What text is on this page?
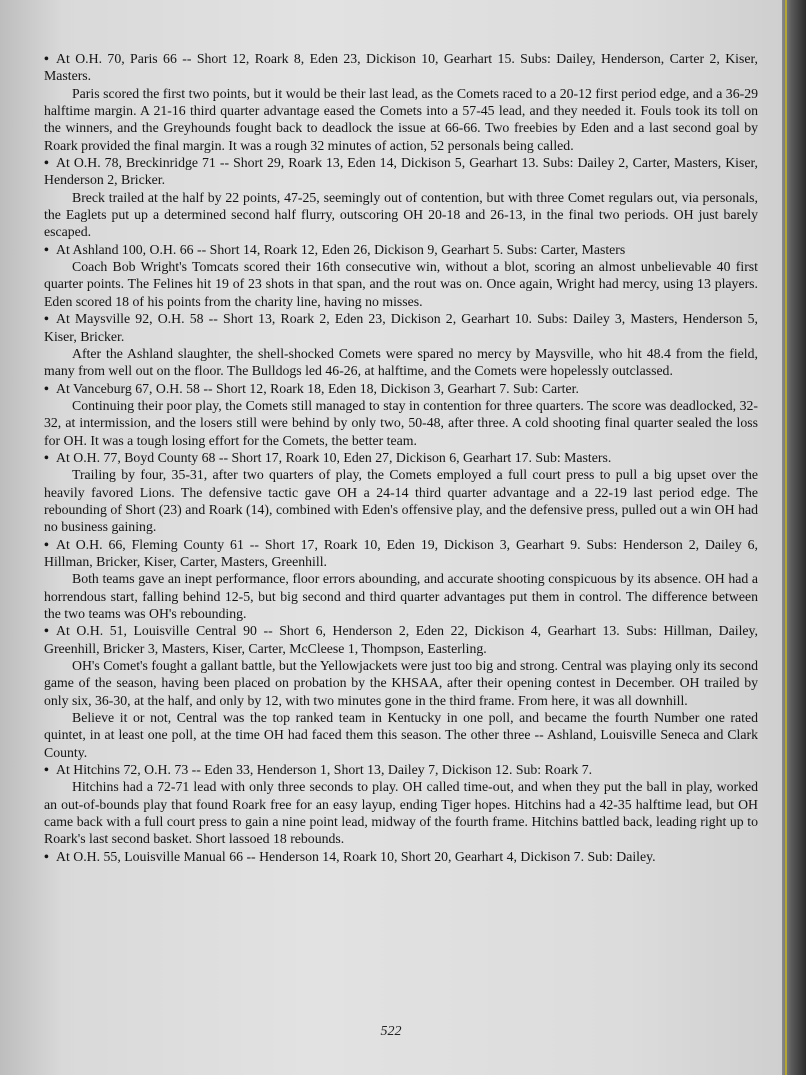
• At O.H. 70, Paris 66 -- Short 12, Roark 8, Eden 23, Dickison 10, Gearhart 15. Subs: Dailey, Henderson, Carter 2, Kiser, Masters.

Paris scored the first two points, but it would be their last lead, as the Comets raced to a 20-12 first period edge, and a 36-29 halftime margin. A 21-16 third quarter advantage eased the Comets into a 57-45 lead, and they needed it. Fouls took its toll on the winners, and the Greyhounds fought back to deadlock the issue at 66-66. Two freebies by Eden and a last second goal by Roark provided the final margin. It was a rough 32 minutes of action, 52 personals being called.

• At O.H. 78, Breckinridge 71 -- Short 29, Roark 13, Eden 14, Dickison 5, Gearhart 13. Subs: Dailey 2, Carter, Masters, Kiser, Henderson 2, Bricker.

Breck trailed at the half by 22 points, 47-25, seemingly out of contention, but with three Comet regulars out, via personals, the Eaglets put up a determined second half flurry, outscoring OH 20-18 and 26-13, in the final two periods. OH just barely escaped.

• At Ashland 100, O.H. 66 -- Short 14, Roark 12, Eden 26, Dickison 9, Gearhart 5. Subs: Carter, Masters

Coach Bob Wright's Tomcats scored their 16th consecutive win, without a blot, scoring an almost unbelievable 40 first quarter points. The Felines hit 19 of 23 shots in that span, and the rout was on. Once again, Wright had mercy, using 13 players. Eden scored 18 of his points from the charity line, having no misses.

• At Maysville 92, O.H. 58 -- Short 13, Roark 2, Eden 23, Dickison 2, Gearhart 10. Subs: Dailey 3, Masters, Henderson 5, Kiser, Bricker.

After the Ashland slaughter, the shell-shocked Comets were spared no mercy by Maysville, who hit 48.4 from the field, many from well out on the floor. The Bulldogs led 46-26, at halftime, and the Comets were hopelessly outclassed.

• At Vanceburg 67, O.H. 58 -- Short 12, Roark 18, Eden 18, Dickison 3, Gearhart 7. Sub: Carter.

Continuing their poor play, the Comets still managed to stay in contention for three quarters. The score was deadlocked, 32-32, at intermission, and the losers still were behind by only two, 50-48, after three. A cold shooting final quarter sealed the loss for OH. It was a tough losing effort for the Comets, the better team.

• At O.H. 77, Boyd County 68 -- Short 17, Roark 10, Eden 27, Dickison 6, Gearhart 17. Sub: Masters.

Trailing by four, 35-31, after two quarters of play, the Comets employed a full court press to pull a big upset over the heavily favored Lions. The defensive tactic gave OH a 24-14 third quarter advantage and a 22-19 last period edge. The rebounding of Short (23) and Roark (14), combined with Eden's offensive play, and the defensive press, pulled out a win OH had no business gaining.

• At O.H. 66, Fleming County 61 -- Short 17, Roark 10, Eden 19, Dickison 3, Gearhart 9. Subs: Henderson 2, Dailey 6, Hillman, Bricker, Kiser, Carter, Masters, Greenhill.

Both teams gave an inept performance, floor errors abounding, and accurate shooting conspicuous by its absence. OH had a horrendous start, falling behind 12-5, but big second and third quarter advantages put them in control. The difference between the two teams was OH's rebounding.

• At O.H. 51, Louisville Central 90 -- Short 6, Henderson 2, Eden 22, Dickison 4, Gearhart 13. Subs: Hillman, Dailey, Greenhill, Bricker 3, Masters, Kiser, Carter, McCleese 1, Thompson, Easterling.

OH's Comet's fought a gallant battle, but the Yellowjackets were just too big and strong. Central was playing only its second game of the season, having been placed on probation by the KHSAA, after their opening contest in December. OH trailed by only six, 36-30, at the half, and only by 12, with two minutes gone in the third frame. From here, it was all downhill.

Believe it or not, Central was the top ranked team in Kentucky in one poll, and became the fourth Number one rated quintet, in at least one poll, at the time OH had faced them this season. The other three -- Ashland, Louisville Seneca and Clark County.

• At Hitchins 72, O.H. 73 -- Eden 33, Henderson 1, Short 13, Dailey 7, Dickison 12. Sub: Roark 7.

Hitchins had a 72-71 lead with only three seconds to play. OH called time-out, and when they put the ball in play, worked an out-of-bounds play that found Roark free for an easy layup, ending Tiger hopes. Hitchins had a 42-35 halftime lead, but OH came back with a full court press to gain a nine point lead, midway of the fourth frame. Hitchins battled back, leading right up to Roark's last second basket. Short lassoed 18 rebounds.

• At O.H. 55, Louisville Manual 66 -- Henderson 14, Roark 10, Short 20, Gearhart 4, Dickison 7. Sub: Dailey.

522
